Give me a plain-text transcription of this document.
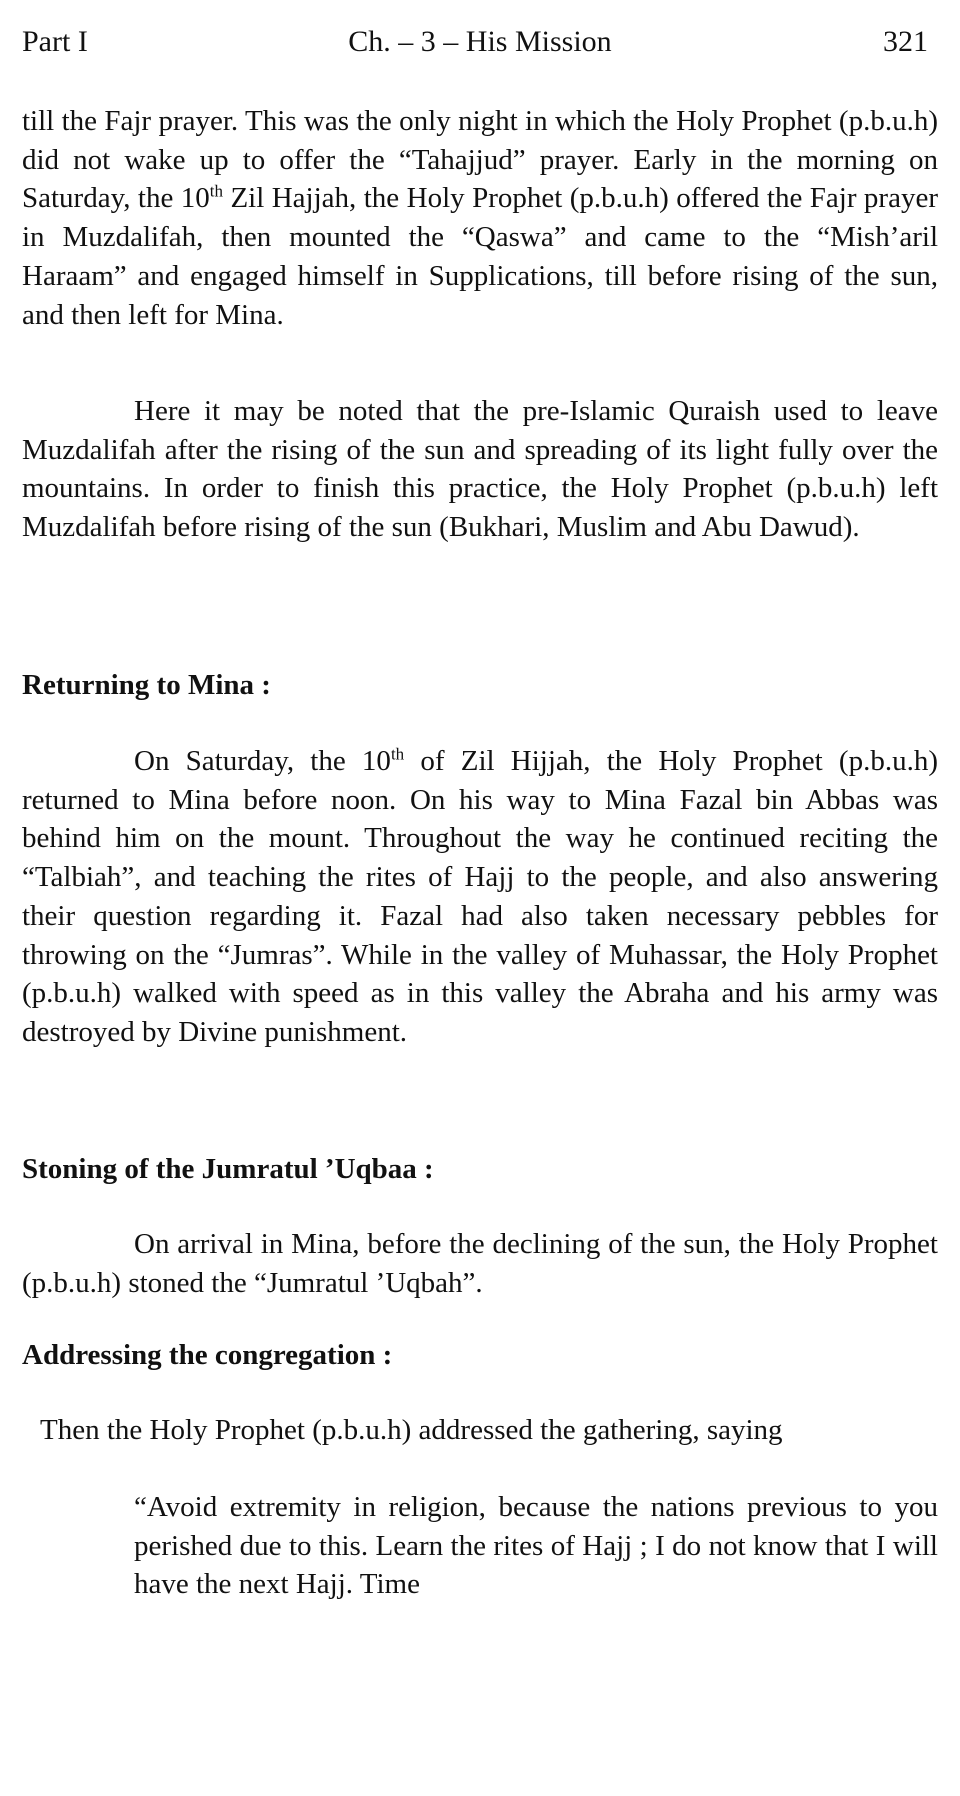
Ch. – 3 – His Mission
Part I	321

till the Fajr prayer. This was the only night in which the Holy Prophet (p.b.u.h) did not wake up to offer the “Tahajjud” prayer. Early in the morning on Saturday, the 10th Zil Hajjah, the Holy Prophet (p.b.u.h) offered the Fajr prayer in Muzdalifah, then mounted the “Qaswa” and came to the “Mish’aril Haraam” and engaged himself in Supplications, till before rising of the sun, and then left for Mina.

Here it may be noted that the pre-Islamic Quraish used to leave Muzdalifah after the rising of the sun and spreading of its light fully over the mountains. In order to finish this practice, the Holy Prophet (p.b.u.h) left Muzdalifah before rising of the sun (Bukhari, Muslim and Abu Dawud).

Returning to Mina :

On Saturday, the 10th of Zil Hijjah, the Holy Prophet (p.b.u.h) returned to Mina before noon. On his way to Mina Fazal bin Abbas was behind him on the mount. Throughout the way he continued reciting the “Talbiah”, and teaching the rites of Hajj to the people, and also answering their question regarding it. Fazal had also taken necessary pebbles for throwing on the “Jumras”. While in the valley of Muhassar, the Holy Prophet (p.b.u.h) walked with speed as in this valley the Abraha and his army was destroyed by Divine punishment.

Stoning of the Jumratul ’Uqbaa :

On arrival in Mina, before the declining of the sun, the Holy Prophet (p.b.u.h) stoned the “Jumratul ’Uqbah”.

Addressing the congregation :

Then the Holy Prophet (p.b.u.h) addressed the gathering, saying

“Avoid extremity in religion, because the nations previous to you perished due to this. Learn the rites of Hajj ; I do not know that I will have the next Hajj. Time
